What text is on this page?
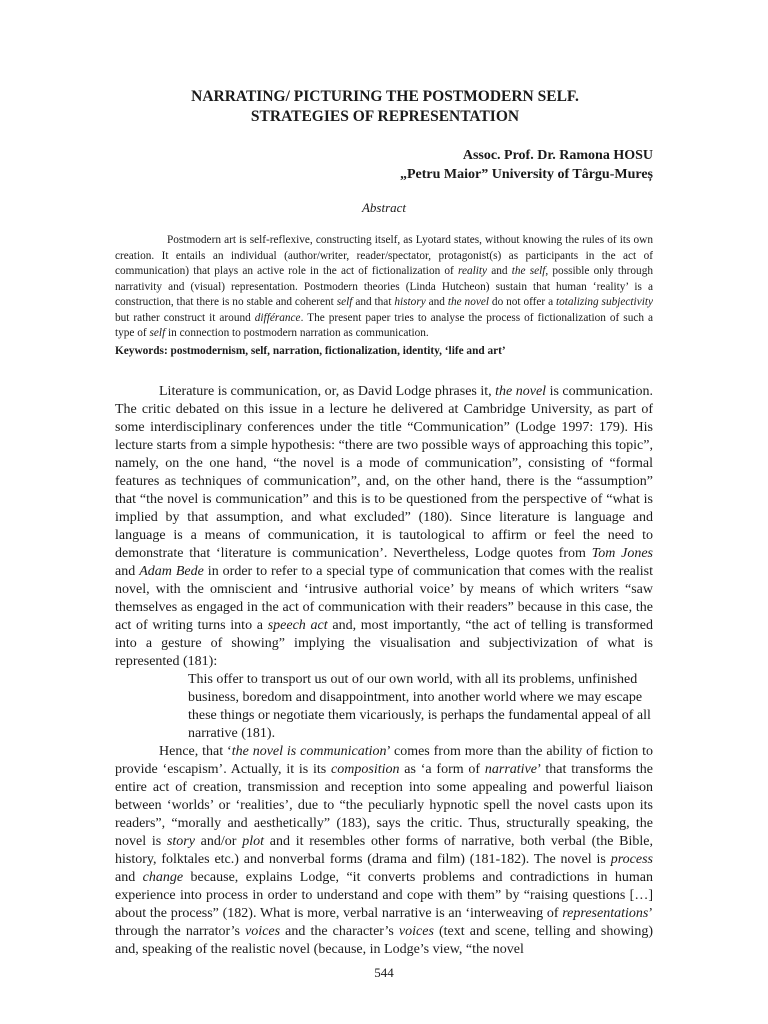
NARRATING/ PICTURING THE POSTMODERN SELF.
STRATEGIES OF REPRESENTATION
Assoc. Prof. Dr. Ramona HOSU
„Petru Maior” University of Târgu-Mureș

Abstract

Postmodern art is self-reflexive, constructing itself, as Lyotard states, without knowing the rules of its own creation. It entails an individual (author/writer, reader/spectator, protagonist(s) as participants in the act of communication) that plays an active role in the act of fictionalization of reality and the self, possible only through narrativity and (visual) representation. Postmodern theories (Linda Hutcheon) sustain that human ‘reality’ is a construction, that there is no stable and coherent self and that history and the novel do not offer a totalizing subjectivity but rather construct it around différance. The present paper tries to analyse the process of fictionalization of such a type of self in connection to postmodern narration as communication.

Keywords: postmodernism, self, narration, fictionalization, identity, ‘life and art’

Literature is communication, or, as David Lodge phrases it, the novel is communication. The critic debated on this issue in a lecture he delivered at Cambridge University, as part of some interdisciplinary conferences under the title “Communication” (Lodge 1997: 179). His lecture starts from a simple hypothesis: “there are two possible ways of approaching this topic”, namely, on the one hand, “the novel is a mode of communication”, consisting of “formal features as techniques of communication”, and, on the other hand, there is the “assumption” that “the novel is communication” and this is to be questioned from the perspective of “what is implied by that assumption, and what excluded” (180). Since literature is language and language is a means of communication, it is tautological to affirm or feel the need to demonstrate that ‘literature is communication’. Nevertheless, Lodge quotes from Tom Jones and Adam Bede in order to refer to a special type of communication that comes with the realist novel, with the omniscient and ‘intrusive authorial voice’ by means of which writers “saw themselves as engaged in the act of communication with their readers” because in this case, the act of writing turns into a speech act and, most importantly, “the act of telling is transformed into a gesture of showing” implying the visualisation and subjectivization of what is represented (181):

This offer to transport us out of our own world, with all its problems, unfinished business, boredom and disappointment, into another world where we may escape these things or negotiate them vicariously, is perhaps the fundamental appeal of all narrative (181).

Hence, that ‘the novel is communication’ comes from more than the ability of fiction to provide ‘escapism’. Actually, it is its composition as ‘a form of narrative’ that transforms the entire act of creation, transmission and reception into some appealing and powerful liaison between ‘worlds’ or ‘realities’, due to “the peculiarly hypnotic spell the novel casts upon its readers”, “morally and aesthetically” (183), says the critic. Thus, structurally speaking, the novel is story and/or plot and it resembles other forms of narrative, both verbal (the Bible, history, folktales etc.) and nonverbal forms (drama and film) (181-182). The novel is process and change because, explains Lodge, “it converts problems and contradictions in human experience into process in order to understand and cope with them” by “raising questions […] about the process” (182). What is more, verbal narrative is an ‘interweaving of representations’ through the narrator’s voices and the character’s voices (text and scene, telling and showing) and, speaking of the realistic novel (because, in Lodge’s view, “the novel

544
